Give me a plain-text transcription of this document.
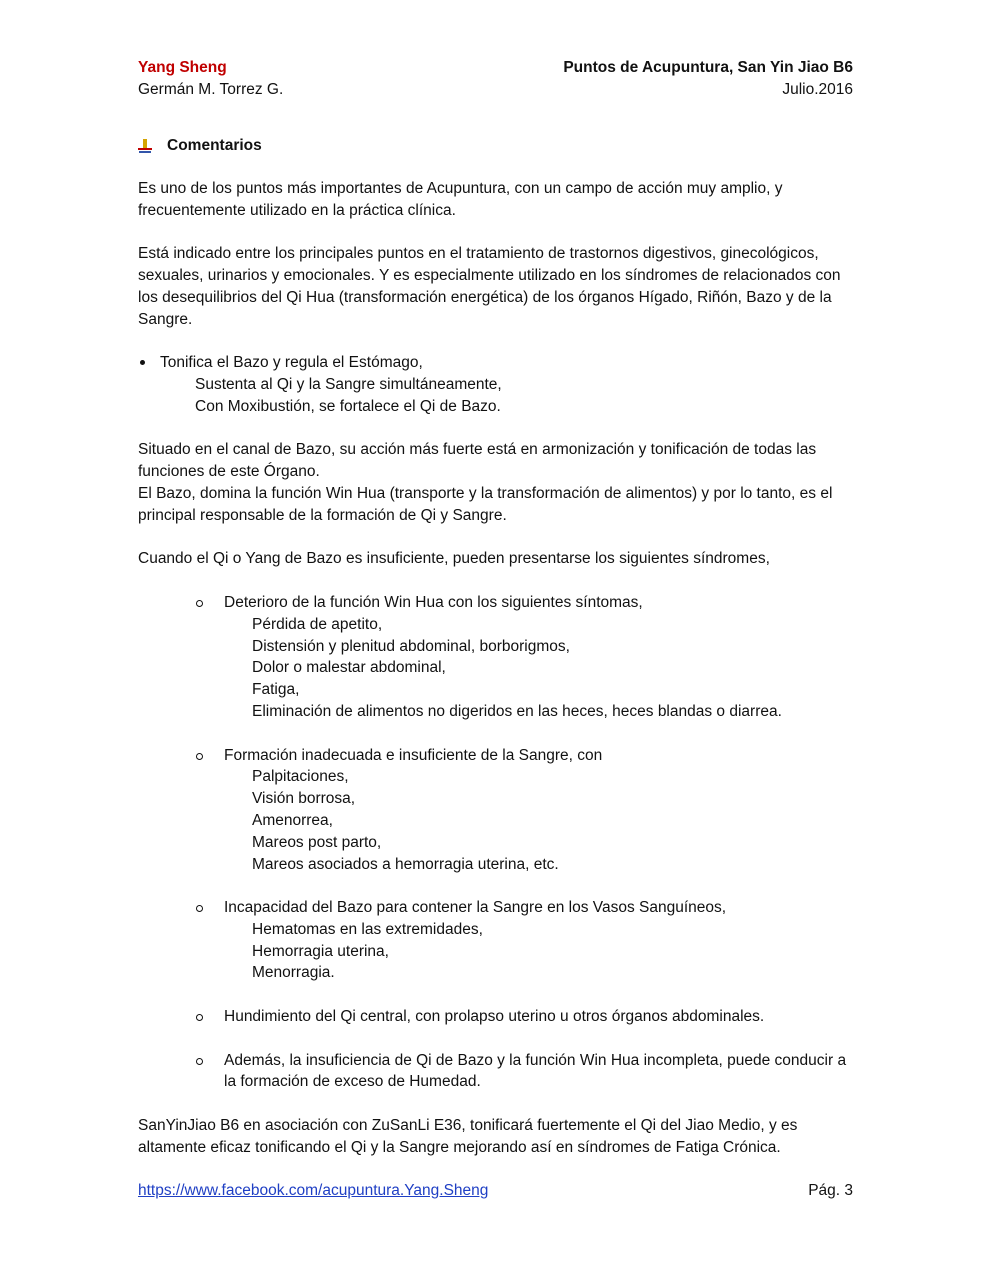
Yang Sheng	Puntos de Acupuntura, San Yin Jiao B6
Germán M. Torrez G.	Julio.2016
Comentarios

Es uno de los puntos más importantes de Acupuntura, con un campo de acción muy amplio, y frecuentemente utilizado en la práctica clínica.

Está indicado entre los principales puntos en el tratamiento de trastornos digestivos, ginecológicos, sexuales, urinarios y emocionales. Y es especialmente utilizado en los síndromes de relacionados con los desequilibrios del Qi Hua (transformación energética) de los órganos Hígado, Riñón, Bazo y de la Sangre.

Tonifica el Bazo y regula el Estómago,
Sustenta al Qi y la Sangre simultáneamente,
Con Moxibustión, se fortalece el Qi de Bazo.

Situado en el canal de Bazo, su acción más fuerte está en armonización y tonificación de todas las funciones de este Órgano.

El Bazo, domina la función Win Hua (transporte y la transformación de alimentos) y por lo tanto, es el principal responsable de la formación de Qi y Sangre.

Cuando el Qi o Yang de Bazo es insuficiente, pueden presentarse los siguientes síndromes,

Deterioro de la función Win Hua con los siguientes síntomas,
Pérdida de apetito,
Distensión y plenitud abdominal, borborigmos,
Dolor o malestar abdominal,
Fatiga,
Eliminación de alimentos no digeridos en las heces, heces blandas o diarrea.
Formación inadecuada e insuficiente de la Sangre, con
Palpitaciones,
Visión borrosa,
Amenorrea,
Mareos post parto,
Mareos asociados a hemorragia uterina, etc.
Incapacidad del Bazo para contener la Sangre en los Vasos Sanguíneos,
Hematomas en las extremidades,
Hemorragia uterina,
Menorragia.
Hundimiento del Qi central, con prolapso uterino u otros órganos abdominales.
Además, la insuficiencia de Qi de Bazo y la función Win Hua incompleta, puede conducir a la formación de exceso de Humedad.

SanYinJiao B6 en asociación con ZuSanLi E36, tonificará fuertemente el Qi del Jiao Medio, y es altamente eficaz tonificando el Qi y la Sangre mejorando así en síndromes de Fatiga Crónica.

https://www.facebook.com/acupuntura.Yang.Sheng	Pág. 3
